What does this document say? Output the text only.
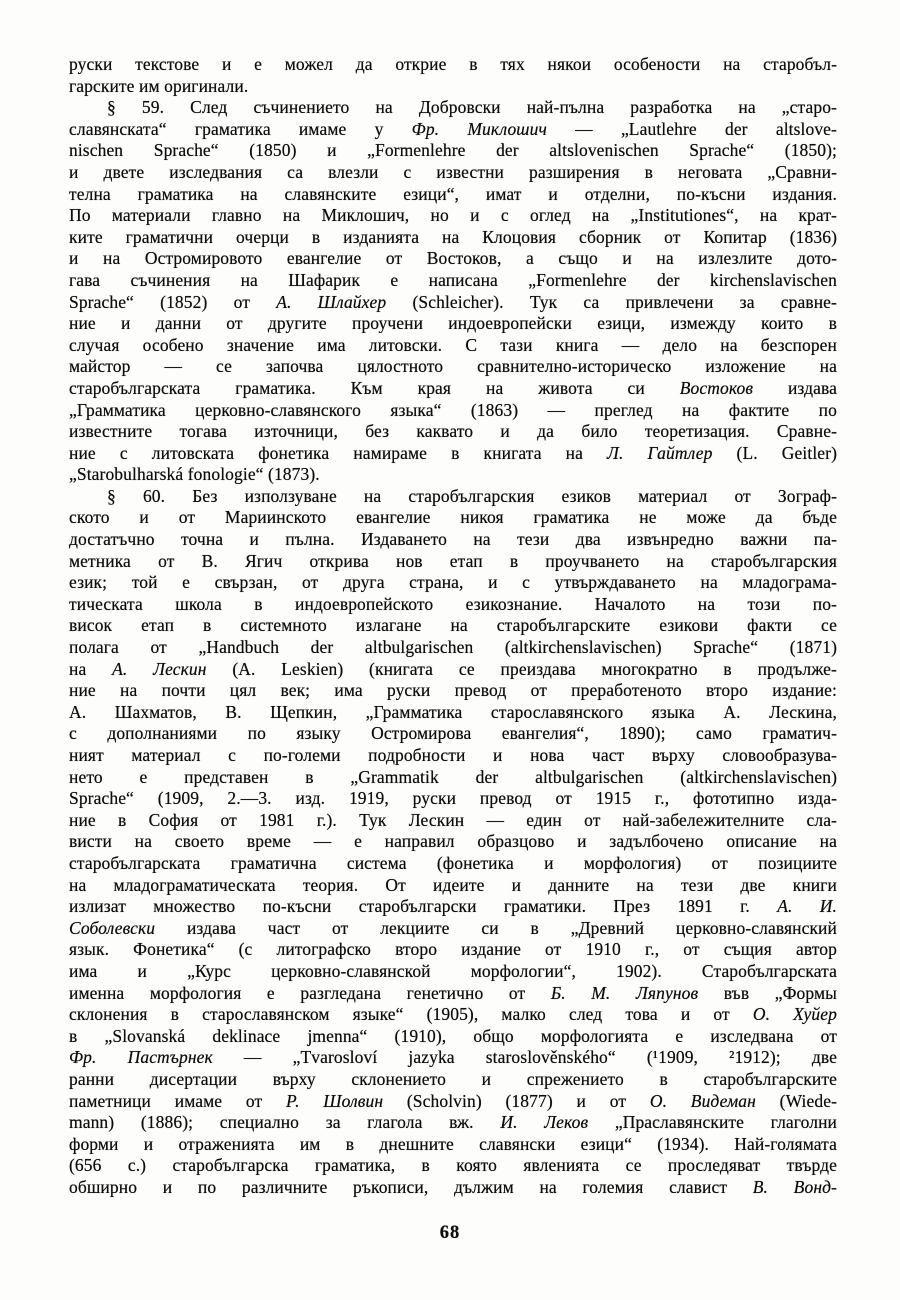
руски текстове и е можел да открие в тях някои особености на старобъл-
гарските им оригинали.
§ 59. След съчинението на Добровски най-пълна разработка на „старо-
славянската“ граматика имаме у Фр. Миклошич — „Lautlehre der altslove-
nischen Sprache“ (1850) и „Formenlehre der altslovenischen Sprache“ (1850);
и двете изследвания са влезли с известни разширения в неговата „Сравни-
телна граматика на славянските езици“, имат и отделни, по-късни издания.
По материали главно на Миклошич, но и с оглед на „Institutiones“, на крат-
ките граматични очерци в изданията на Клоцовия сборник от Копитар (1836)
и на Остромировото евангелие от Востоков, а също и на излезлите дото-
гава съчинения на Шафарик е написана „Formenlehre der kirchenslavischen
Sprache“ (1852) от А. Шлайхер (Schleicher). Тук са привлечени за сравне-
ние и данни от другите проучени индоевропейски езици, измежду които в
случая особено значение има литовски. С тази книга — дело на безспорен
майстор — се започва цялостното сравнително-историческо изложение на
старобългарската граматика. Към края на живота си Востоков издава
„Грамматика церковно-славянского языка“ (1863) — преглед на фактите по
известните тогава източници, без каквато и да било теоретизация. Сравне-
ние с литовската фонетика намираме в книгата на Л. Гайтлер (L. Geitler)
„Starobulharská fonologie“ (1873).
§ 60. Без използуване на старобългарския езиков материал от Зограф-
ското и от Мариинското евангелие никоя граматика не може да бъде
достатъчно точна и пълна. Издаването на тези два извънредно важни па-
метника от В. Ягич открива нов етап в проучването на старобългарския
език; той е свързан, от друга страна, и с утвърждаването на младограма-
тическата школа в индоевропейското езикознание. Началото на този по-
висок етап в системното излагане на старобългарските езикови факти се
полага от „Handbuch der altbulgarischen (altkirchenslavischen) Sprache“ (1871)
на А. Лескин (A. Leskien) (книгата се преиздава многократно в продълже-
ние на почти цял век; има руски превод от преработеното второ издание:
А. Шахматов, В. Щепкин, „Грамматика старославянского языка А. Лескина,
с дополнаниями по языку Остромирова евангелия“, 1890); само граматич-
ният материал с по-големи подробности и нова част върху словообразува-
нето е представен в „Grammatik der altbulgarischen (altkirchenslavischen)
Sprache“ (1909, 2.—3. изд. 1919, руски превод от 1915 г., фототипно изда-
ние в София от 1981 г.). Тук Лескин — един от най-забележителните сла-
висти на своето време — е направил образцово и задълбочено описание на
старобългарската граматична система (фонетика и морфология) от позициите
на младограматическата теория. От идеите и данните на тези две книги
излизат множество по-късни старобългарски граматики. През 1891 г. А. И.
Соболевски издава част от лекциите си в „Древний церковно-славянский
язык. Фонетика“ (с литографско второ издание от 1910 г., от същия автор
има и „Курс церковно-славянской морфологии“, 1902). Старобългарската
именна морфология е разгледана генетично от Б. М. Ляпунов във „Формы
склонения в старославянском языке“ (1905), малко след това и от О. Хуйер
в „Slovanská deklinace jmenna“ (1910), общо морфологията е изследвана от
Фр. Пастърнек — „Tvarosloví jazyka staroslověnského“ (¹1909, ²1912); две
ранни дисертации върху склонението и спрежението в старобългарските
паметници имаме от Р. Шолвин (Scholvin) (1877) и от О. Видеман (Wiede-
mann) (1886); специално за глагола вж. И. Леков „Праславянските глаголни
форми и отраженията им в днешните славянски езици“ (1934). Най-голямата
(656 с.) старобългарска граматика, в която явленията се проследяват твърде
обширно и по различните ръкописи, дължим на големия славист В. Вонд-
68
